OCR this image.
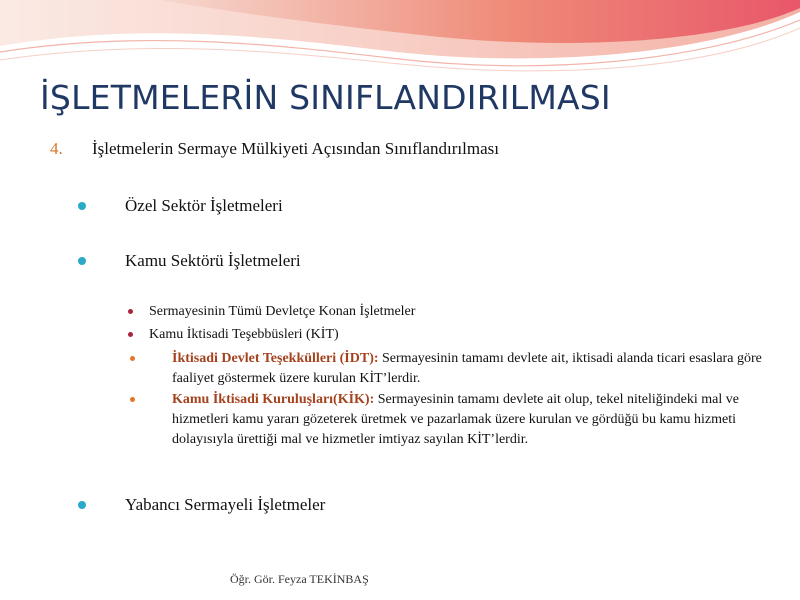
İŞLETMELERİN SINIFLANDIRILMASI
4. İşletmelerin Sermaye Mülkiyeti Açısından Sınıflandırılması
Özel Sektör İşletmeleri
Kamu Sektörü İşletmeleri
Sermayesinin Tümü Devletçe Konan İşletmeler
Kamu İktisadi Teşebbüsleri (KİT)
İktisadi Devlet Teşekkülleri (İDT): Sermayesinin tamamı devlete ait, iktisadi alanda ticari esaslara göre faaliyet göstermek üzere kurulan KİT’lerdir.
Kamu İktisadi Kuruluşları(KİK): Sermayesinin tamamı devlete ait olup, tekel niteliğindeki mal ve hizmetleri kamu yararı gözeterek üretmek ve pazarlamak üzere kurulan ve gördüğü bu kamu hizmeti dolayısıyla ürettiği mal ve hizmetler imtiyaz sayılan KİT’lerdir.
Yabancı Sermayeli İşletmeler
Öğr. Gör. Feyza TEKİNBAŞ
